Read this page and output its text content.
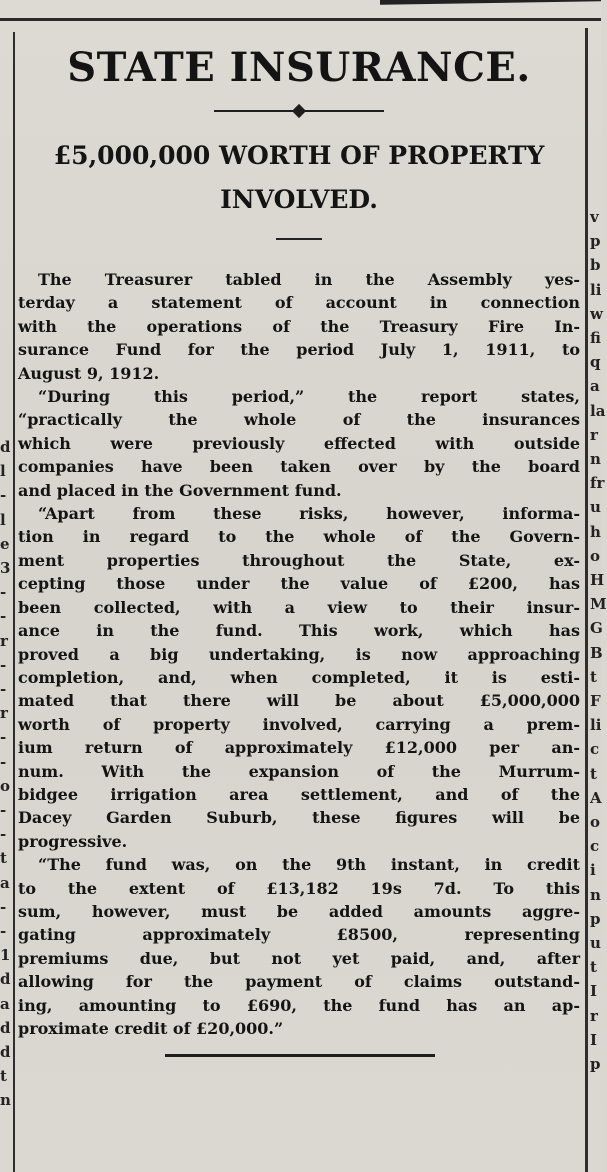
d
l
-
l
e
3
-
-
r
-
-
r
-
-
o
-
-
t
a
-
-
1
d
a
d
d
t
n
v
p
b
li
w
fi
q
a
la
r
n
fr
u
h
o
H
M
G
B
t
F
li
c
t
A
o
c
i
n
p
u
t
I
r
I
p
STATE INSURANCE.
£5,000,000 WORTH OF PROPERTY
INVOLVED.
The Treasurer tabled in the Assembly yes-
terday a statement of account in connection
with the operations of the Treasury Fire In-
surance Fund for the period July 1, 1911, to
August 9, 1912.
“During this period,” the report states,
“practically the whole of the insurances
which were previously effected with outside
companies have been taken over by the board
and placed in the Government fund.
“Apart from these risks, however, informa-
tion in regard to the whole of the Govern-
ment properties throughout the State, ex-
cepting those under the value of £200, has
been collected, with a view to their insur-
ance in the fund. This work, which has
proved a big undertaking, is now approaching
completion, and, when completed, it is esti-
mated that there will be about £5,000,000
worth of property involved, carrying a prem-
ium return of approximately £12,000 per an-
num. With the expansion of the Murrum-
bidgee irrigation area settlement, and of the
Dacey Garden Suburb, these figures will be
progressive.
“The fund was, on the 9th instant, in credit
to the extent of £13,182 19s 7d. To this
sum, however, must be added amounts aggre-
gating approximately £8500, representing
premiums due, but not yet paid, and, after
allowing for the payment of claims outstand-
ing, amounting to £690, the fund has an ap-
proximate credit of £20,000.”
